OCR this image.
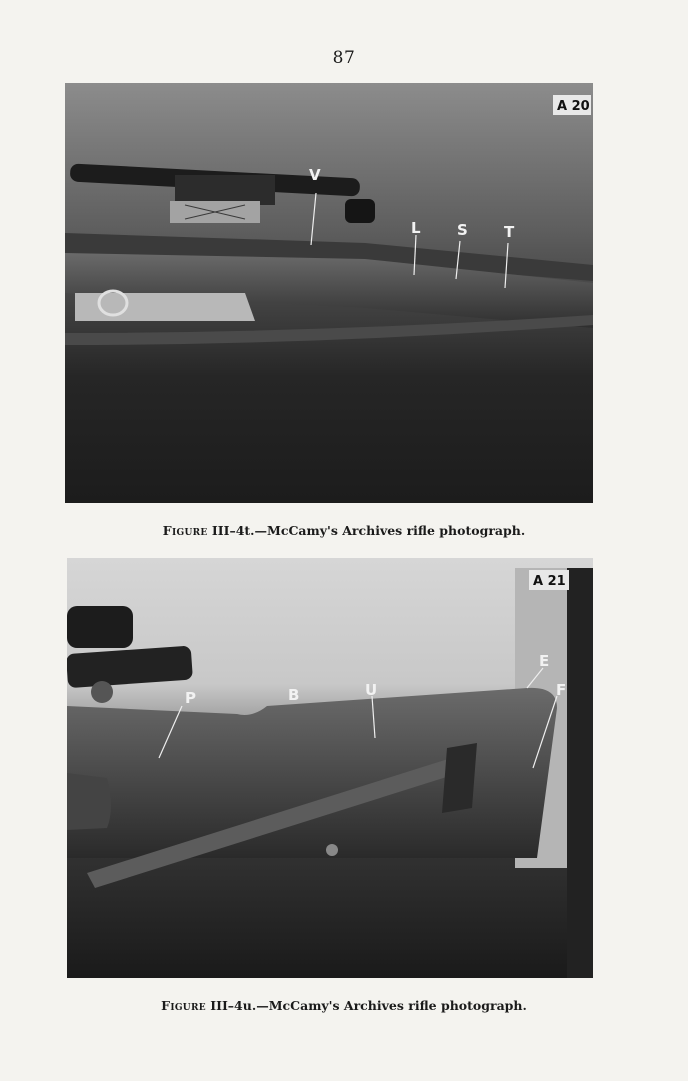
87
V
L S T
A 20
Figure III–4t.—McCamy's Archives rifle photograph.
P	B	U
E
F
A 21
Figure III–4u.—McCamy's Archives rifle photograph.
